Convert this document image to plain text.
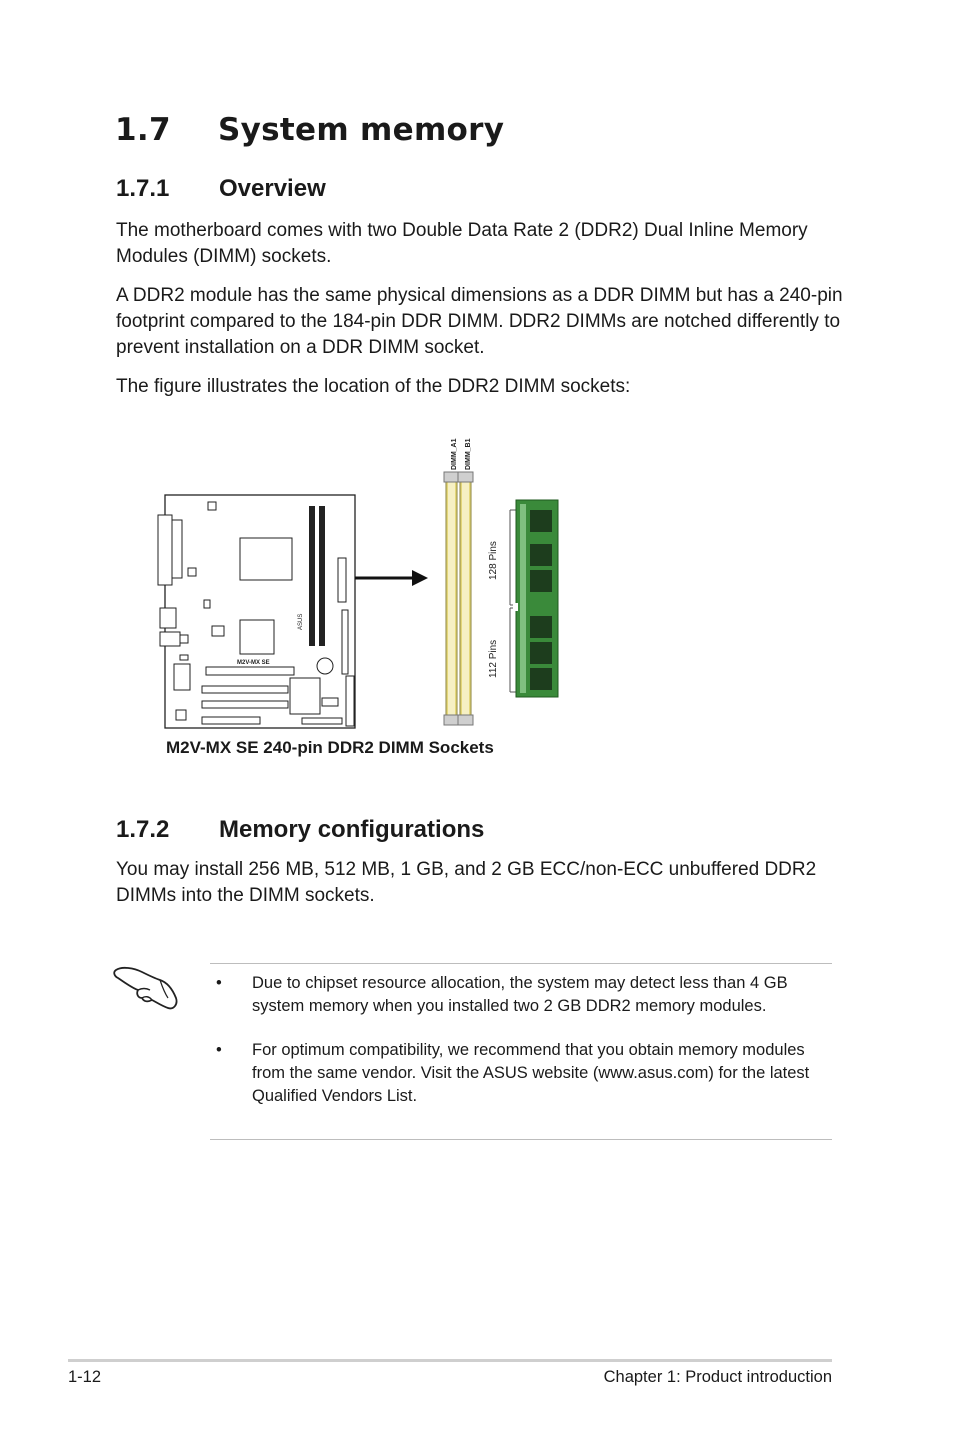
1.7 System memory
1.7.1 Overview
The motherboard comes with two Double Data Rate 2 (DDR2) Dual Inline Memory Modules (DIMM) sockets.
A DDR2 module has the same physical dimensions as a DDR DIMM but has a 240-pin footprint compared to the 184-pin DDR DIMM. DDR2 DIMMs are notched differently to prevent installation on a DDR DIMM socket.
The figure illustrates the location of the DDR2 DIMM sockets:
ASUS
M2V-MX SE
DIMM_A1 DIMM_B1
128 Pins
112 Pins
M2V-MX SE 240-pin DDR2 DIMM Sockets
1.7.2 Memory configurations
You may install 256 MB, 512 MB, 1 GB, and 2 GB ECC/non-ECC unbuffered DDR2 DIMMs into the DIMM sockets.
• Due to chipset resource allocation, the system may detect less than 4 GB system memory when you installed two 2 GB DDR2 memory modules.
• For optimum compatibility, we recommend that you obtain memory modules from the same vendor. Visit the ASUS website (www.asus.com) for the latest Qualified Vendors List.
1-12	Chapter 1: Product introduction
